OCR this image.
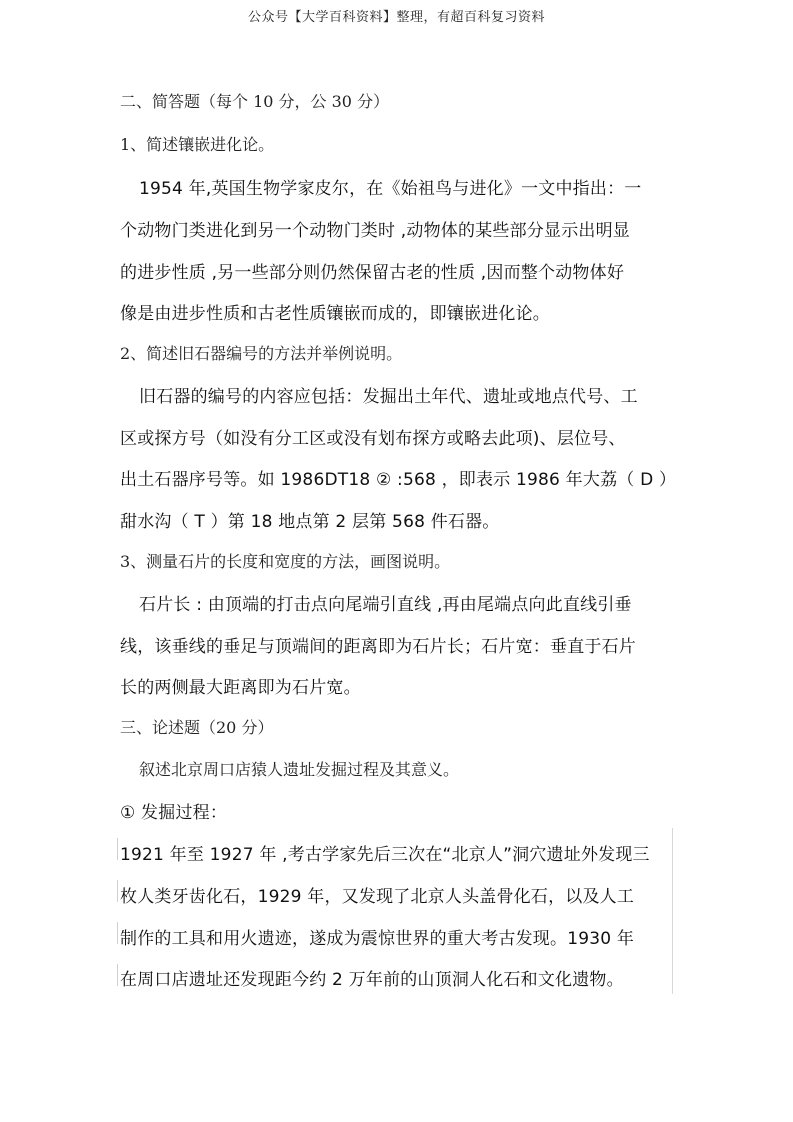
公众号【大学百科资料】整理，有超百科复习资料
二、简答题（每个 10 分，公 30 分）
1、简述镶嵌进化论。
1954 年,英国生物学家皮尔，在《始祖鸟与进化》一文中指出：一
个动物门类进化到另一个动物门类时 ,动物体的某些部分显示出明显
的进步性质 ,另一些部分则仍然保留古老的性质 ,因而整个动物体好
像是由进步性质和古老性质镶嵌而成的，即镶嵌进化论。
2、简述旧石器编号的方法并举例说明。
旧石器的编号的内容应包括：发掘出土年代、遗址或地点代号、工
区或探方号（如没有分工区或没有划布探方或略去此项)、层位号、
出土石器序号等。如 1986DT18 ② :568 ，即表示 1986 年大荔（ D ）
甜水沟（ T ）第 18 地点第 2 层第 568 件石器。
3、测量石片的长度和宽度的方法，画图说明。
石片长 : 由顶端的打击点向尾端引直线 ,再由尾端点向此直线引垂
线，该垂线的垂足与顶端间的距离即为石片长；石片宽：垂直于石片
长的两侧最大距离即为石片宽。
三、论述题（20 分）
叙述北京周口店猿人遗址发掘过程及其意义。
① 发掘过程：
1921 年至 1927 年 ,考古学家先后三次在“北京人”洞穴遗址外发现三
枚人类牙齿化石，1929 年，又发现了北京人头盖骨化石，以及人工
制作的工具和用火遗迹，遂成为震惊世界的重大考古发现。1930 年
在周口店遗址还发现距今约 2 万年前的山顶洞人化石和文化遗物。
